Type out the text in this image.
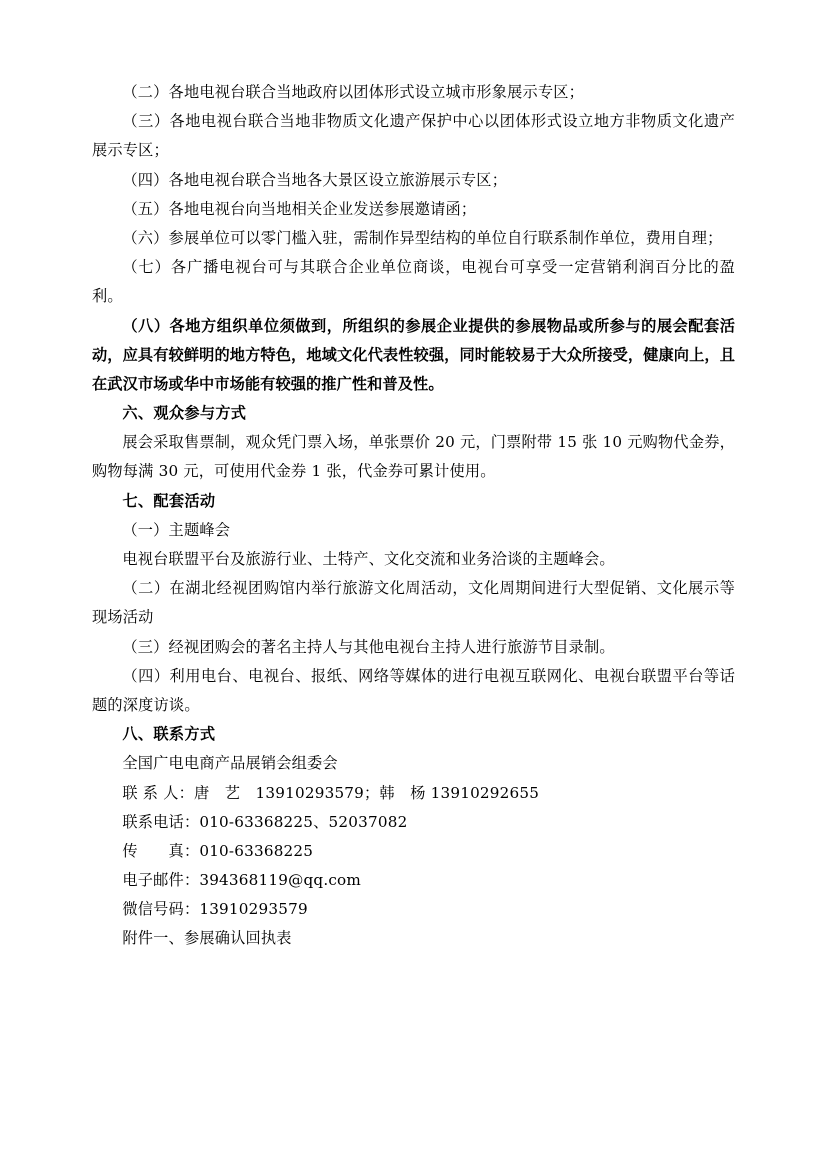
（二）各地电视台联合当地政府以团体形式设立城市形象展示专区；

（三）各地电视台联合当地非物质文化遗产保护中心以团体形式设立地方非物质文化遗产展示专区；

（四）各地电视台联合当地各大景区设立旅游展示专区；

（五）各地电视台向当地相关企业发送参展邀请函；

（六）参展单位可以零门槛入驻，需制作异型结构的单位自行联系制作单位，费用自理；

（七）各广播电视台可与其联合企业单位商谈，电视台可享受一定营销利润百分比的盈利。

（八）各地方组织单位须做到，所组织的参展企业提供的参展物品或所参与的展会配套活动，应具有较鲜明的地方特色，地域文化代表性较强，同时能较易于大众所接受，健康向上，且在武汉市场或华中市场能有较强的推广性和普及性。

六、观众参与方式

展会采取售票制，观众凭门票入场，单张票价 20 元，门票附带 15 张 10 元购物代金券，购物每满 30 元，可使用代金券 1 张，代金券可累计使用。

七、配套活动

（一）主题峰会

电视台联盟平台及旅游行业、土特产、文化交流和业务洽谈的主题峰会。

（二）在湖北经视团购馆内举行旅游文化周活动，文化周期间进行大型促销、文化展示等现场活动

（三）经视团购会的著名主持人与其他电视台主持人进行旅游节目录制。

（四）利用电台、电视台、报纸、网络等媒体的进行电视互联网化、电视台联盟平台等话题的深度访谈。

八、联系方式

全国广电电商产品展销会组委会

联 系 人：唐　艺　13910293579；韩　杨 13910292655

联系电话：010-63368225、52037082

传　　真：010-63368225

电子邮件：394368119@qq.com

微信号码：13910293579

附件一、参展确认回执表
